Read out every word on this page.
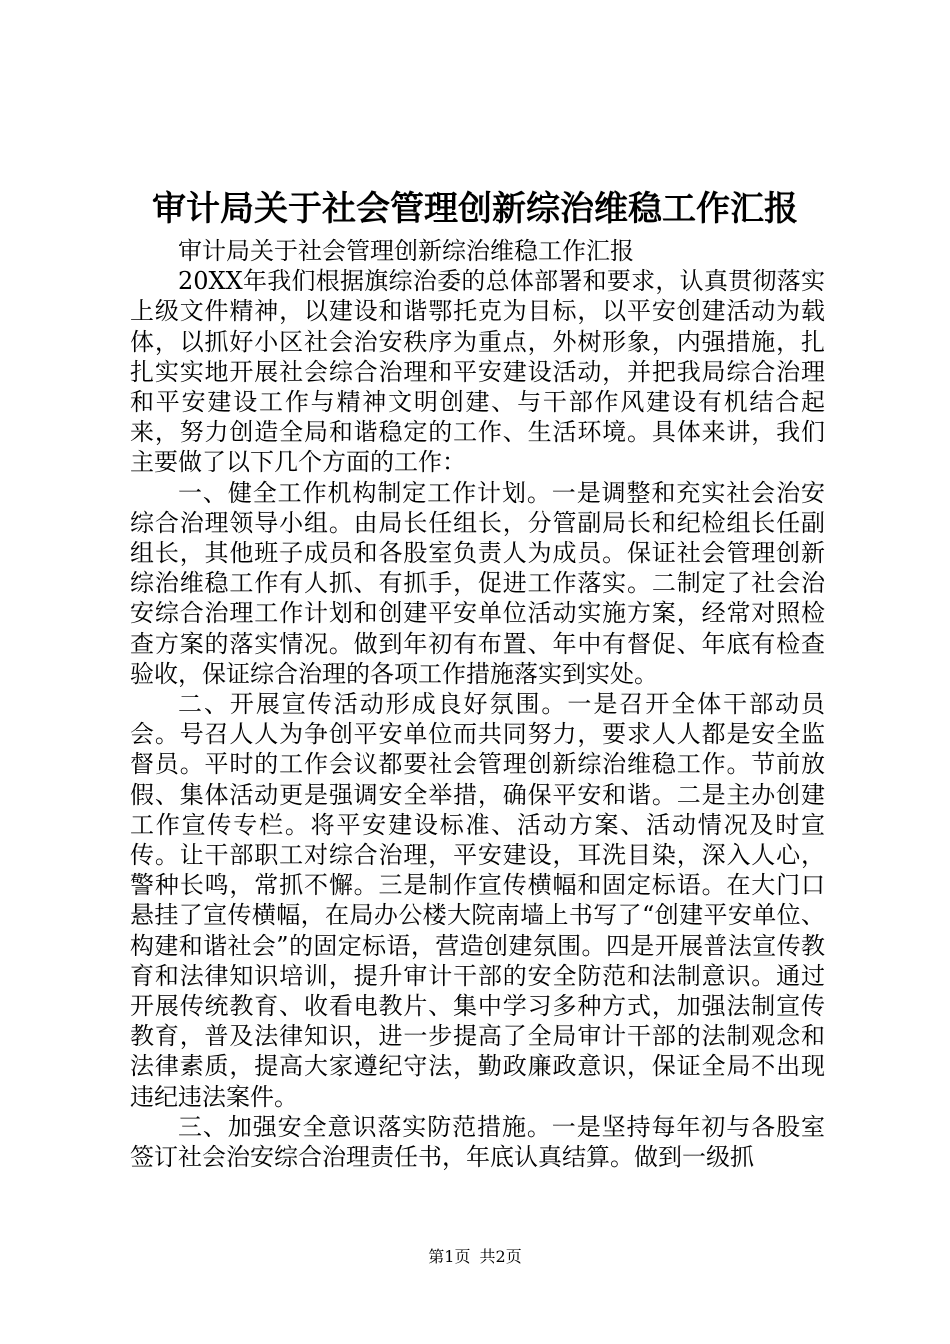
审计局关于社会管理创新综治维稳工作汇报

审计局关于社会管理创新综治维稳工作汇报

20XX年我们根据旗综治委的总体部署和要求，认真贯彻落实上级文件精神，以建设和谐鄂托克为目标，以平安创建活动为载体，以抓好小区社会治安秩序为重点，外树形象，内强措施，扎扎实实地开展社会综合治理和平安建设活动，并把我局综合治理和平安建设工作与精神文明创建、与干部作风建设有机结合起来，努力创造全局和谐稳定的工作、生活环境。具体来讲，我们主要做了以下几个方面的工作：

一、健全工作机构制定工作计划。一是调整和充实社会治安综合治理领导小组。由局长任组长，分管副局长和纪检组长任副组长，其他班子成员和各股室负责人为成员。保证社会管理创新综治维稳工作有人抓、有抓手，促进工作落实。二制定了社会治安综合治理工作计划和创建平安单位活动实施方案，经常对照检查方案的落实情况。做到年初有布置、年中有督促、年底有检查验收，保证综合治理的各项工作措施落实到实处。

二、开展宣传活动形成良好氛围。一是召开全体干部动员会。号召人人为争创平安单位而共同努力，要求人人都是安全监督员。平时的工作会议都要社会管理创新综治维稳工作。节前放假、集体活动更是强调安全举措，确保平安和谐。二是主办创建工作宣传专栏。将平安建设标准、活动方案、活动情况及时宣传。让干部职工对综合治理，平安建设，耳洗目染，深入人心，警种长鸣，常抓不懈。三是制作宣传横幅和固定标语。在大门口悬挂了宣传横幅，在局办公楼大院南墙上书写了“创建平安单位、构建和谐社会”的固定标语，营造创建氛围。四是开展普法宣传教育和法律知识培训，提升审计干部的安全防范和法制意识。通过开展传统教育、收看电教片、集中学习多种方式，加强法制宣传教育，普及法律知识，进一步提高了全局审计干部的法制观念和法律素质，提高大家遵纪守法，勤政廉政意识，保证全局不出现违纪违法案件。

三、加强安全意识落实防范措施。一是坚持每年初与各股室签订社会治安综合治理责任书，年底认真结算。做到一级抓

第1页 共2页
